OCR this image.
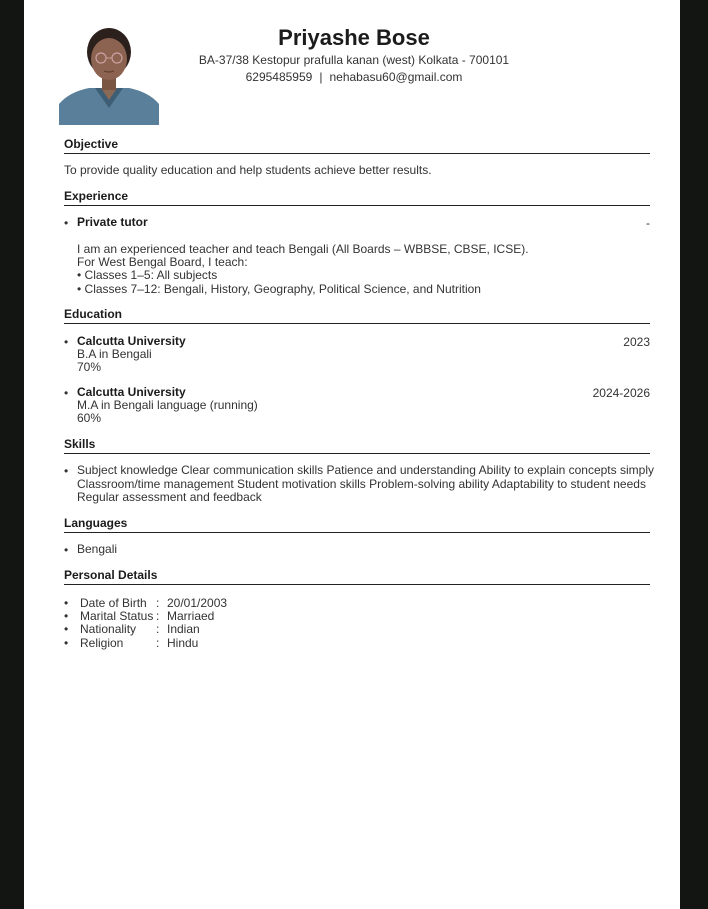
Priyashe Bose
BA-37/38 Kestopur prafulla kanan (west) Kolkata - 700101
6295485959 | nehabasu60@gmail.com
Objective
To provide quality education and help students achieve better results.
Experience
• Private tutor	-
I am an experienced teacher and teach Bengali (All Boards – WBBSE, CBSE, ICSE).
For West Bengal Board, I teach:
• Classes 1–5: All subjects
• Classes 7–12: Bengali, History, Geography, Political Science, and Nutrition
Education
• Calcutta University	2023
B.A in Bengali
70%
• Calcutta University	2024-2026
M.A in Bengali language (running)
60%
Skills
• Subject knowledge Clear communication skills Patience and understanding Ability to explain concepts simply
Classroom/time management Student motivation skills Problem-solving ability Adaptability to student needs
Regular assessment and feedback
Languages
• Bengali
Personal Details
• Date of Birth : 20/01/2003
• Marital Status : Marriaed
• Nationality : Indian
• Religion	: Hindu
